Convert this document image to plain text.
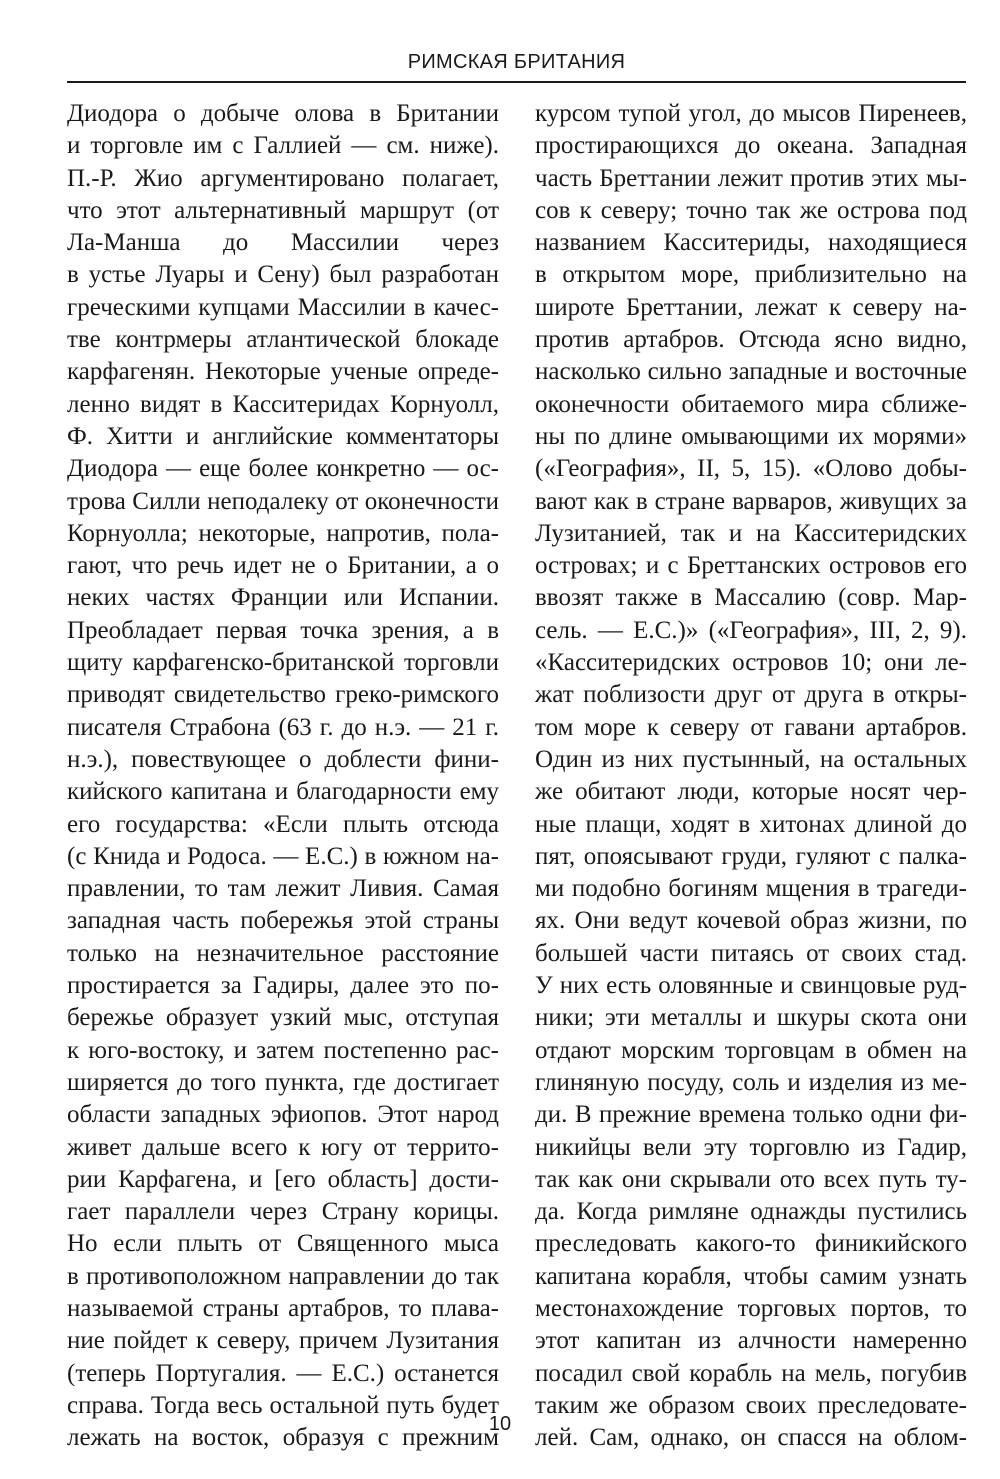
РИМСКАЯ БРИТАНИЯ
Диодора о добыче олова в Британии
и торговле им с Галлией — см. ниже).
П.-Р. Жио аргументировано полагает,
что этот альтернативный маршрут (от
Ла-Манша до Массилии через
в устье Луары и Сену) был разработан
греческими купцами Массилии в качес-
тве контрмеры атлантической блокаде
карфагенян. Некоторые ученые опреде-
ленно видят в Касситеридах Корнуолл,
Ф. Хитти и английские комментаторы
Диодора — еще более конкретно — ос-
трова Силли неподалеку от оконечности
Корнуолла; некоторые, напротив, пола-
гают, что речь идет не о Британии, а о
неких частях Франции или Испании.
Преобладает первая точка зрения, а в
щиту карфагенско-британской торговли
приводят свидетельство греко-римского
писателя Страбона (63 г. до н.э. — 21 г.
н.э.), повествующее о доблести фини-
кийского капитана и благодарности ему
его государства: «Если плыть отсюда
(с Книда и Родоса. — Е.С.) в южном на-
правлении, то там лежит Ливия. Самая
западная часть побережья этой страны
только на незначительное расстояние
простирается за Гадиры, далее это по-
бережье образует узкий мыс, отступая
к юго-востоку, и затем постепенно рас-
ширяется до того пункта, где достигает
области западных эфиопов. Этот народ
живет дальше всего к югу от террито-
рии Карфагена, и [его область] дости-
гает параллели через Страну корицы.
Но если плыть от Священного мыса
в противоположном направлении до так
называемой страны артабров, то плава-
ние пойдет к северу, причем Лузитания
(теперь Португалия. — Е.С.) останется
справа. Тогда весь остальной путь будет
лежать на восток, образуя с прежним
курсом тупой угол, до мысов Пиренеев,
простирающихся до океана. Западная
часть Бреттании лежит против этих мы-
сов к северу; точно так же острова под
названием Касситериды, находящиеся
в открытом море, приблизительно на
широте Бреттании, лежат к северу на-
против артабров. Отсюда ясно видно,
насколько сильно западные и восточные
оконечности обитаемого мира сближе-
ны по длине омывающими их морями»
(«География», II, 5, 15). «Олово добы-
вают как в стране варваров, живущих за
Лузитанией, так и на Касситеридских
островах; и с Бреттанских островов его
ввозят также в Массалию (совр. Мар-
сель. — Е.С.)» («География», III, 2, 9).
«Касситеридских островов 10; они ле-
жат поблизости друг от друга в откры-
том море к северу от гавани артабров.
Один из них пустынный, на остальных
же обитают люди, которые носят чер-
ные плащи, ходят в хитонах длиной до
пят, опоясывают груди, гуляют с палка-
ми подобно богиням мщения в трагеди-
ях. Они ведут кочевой образ жизни, по
большей части питаясь от своих стад.
У них есть оловянные и свинцовые руд-
ники; эти металлы и шкуры скота они
отдают морским торговцам в обмен на
глиняную посуду, соль и изделия из ме-
ди. В прежние времена только одни фи-
никийцы вели эту торговлю из Гадир,
так как они скрывали ото всех путь ту-
да. Когда римляне однажды пустились
преследовать какого-то финикийского
капитана корабля, чтобы самим узнать
местонахождение торговых портов, то
этот капитан из алчности намеренно
посадил свой корабль на мель, погубив
таким же образом своих преследовате-
лей. Сам, однако, он спасся на облом-
10
